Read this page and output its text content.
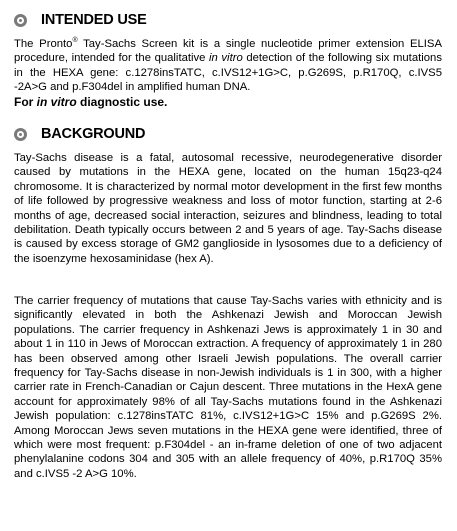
INTENDED USE

The Pronto® Tay-Sachs Screen kit is a single nucleotide primer extension ELISA procedure, intended for the qualitative in vitro detection of the following six mutations in the HEXA gene: c.1278insTATC, c.IVS12+1G>C, p.G269S, p.R170Q, c.IVS5 -2A>G and p.F304del in amplified human DNA.

For in vitro diagnostic use.

BACKGROUND
Tay-Sachs disease is a fatal, autosomal recessive, neurodegenerative disorder caused by mutations in the HEXA gene, located on the human 15q23-q24 chromosome. It is characterized by normal motor development in the first few months of life followed by progressive weakness and loss of motor function, starting at 2-6 months of age, decreased social interaction, seizures and blindness, leading to total debilitation. Death typically occurs between 2 and 5 years of age. Tay-Sachs disease is caused by excess storage of GM2 ganglioside in lysosomes due to a deficiency of the isoenzyme hexosaminidase (hex A).
The carrier frequency of mutations that cause Tay-Sachs varies with ethnicity and is significantly elevated in both the Ashkenazi Jewish and Moroccan Jewish populations. The carrier frequency in Ashkenazi Jews is approximately 1 in 30 and about 1 in 110 in Jews of Moroccan extraction. A frequency of approximately 1 in 280 has been observed among other Israeli Jewish populations. The overall carrier frequency for Tay-Sachs disease in non-Jewish individuals is 1 in 300, with a higher carrier rate in French-Canadian or Cajun descent. Three mutations in the HexA gene account for approximately 98% of all Tay-Sachs mutations found in the Ashkenazi Jewish population: c.1278insTATC 81%, c.IVS12+1G>C 15% and p.G269S 2%. Among Moroccan Jews seven mutations in the HEXA gene were identified, three of which were most frequent: p.F304del - an in-frame deletion of one of two adjacent phenylalanine codons 304 and 305 with an allele frequency of 40%, p.R170Q 35% and c.IVS5 -2 A>G 10%.
